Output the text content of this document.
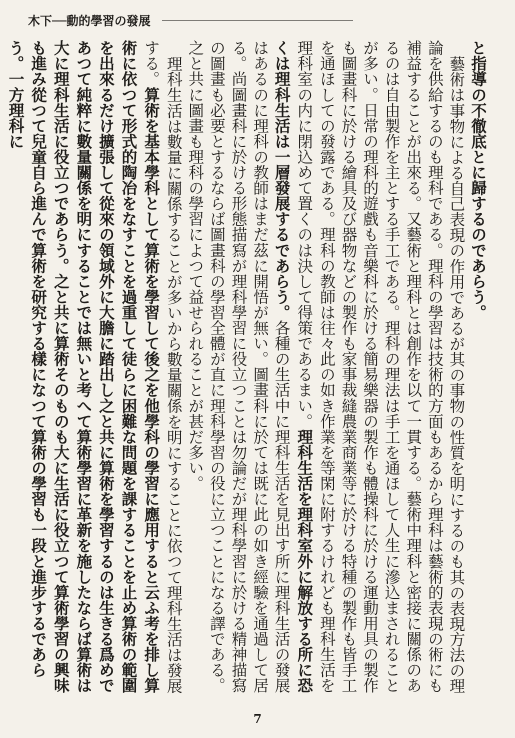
木下──動的學習の發展

と指導の不徹底とに歸するのであらう。

藝術は事物による自己表現の作用であるが其の事物の性質を明にするのも其の表現方法の理論を供給するのも理科である。理科の學習は技術的方面もあるから理科は藝術的表現の術にも補益することが出來る。又藝術と理科とは創作を以て一貫する。藝術中理科と密接に關係のあるのは自由製作を主とする手工である。理科の理法は手工を通ほして人生に滲込まされることが多い。日常の理科的遊戲も音樂科に於ける簡易樂器の製作も體操科に於ける運動用具の製作も圖畫科に於ける繪具及び器物などの製作も家事裁縫農業商業等に於ける特種の製作も皆手工を通ほしての發露である。理科の教師は往々此の如き作業を等閑に附するけれども理科生活を理科室の内に閉込めて置くのは決して得策であるまい。理科生活を理科室外に解放する所に恐くは理科生活は一層發展するであらう。各種の生活中に理科生活を見出す所に理科生活の發展はあるのに理科の教師はまだ茲に開悟が無い。圖畫科に於ては既に此の如き經驗を通過して居る。尚圖畫科に於ける形態描寫が理科學習に役立つことは勿論だが理科學習に於ける精神描寫の圖畫も必要とするならば圖畫科の學習全體が直に理科學習の役に立つことになる譯である。之と共に圖畫も理科の學習によつて益せられることが甚だ多い。

理科生活は數量に關係することが多いから數量關係を明にすることに依つて理科生活は發展する。算術を基本學科として算術を學習して後之を他學科の學習に應用すると云ふ考を排し算術に依つて形式的陶冶をなすことを過重して徒らに困難な問題を課することを止め算術の範圍を出來るだけ擴張して從來の領域外に大膽に踏出し之と共に算術を學習するのは生きる爲めであつて純粹に數量關係を明にすることでは無いと考へて算術學習に革新を施したならば算術は大に理科生活に役立つであらう。之と共に算術そのものも大に生活に役立つて算術學習の興味も進み從つて兒童自ら進んで算術を研究する樣になつて算術の學習も一段と進步するであらう。一方理科に

7
